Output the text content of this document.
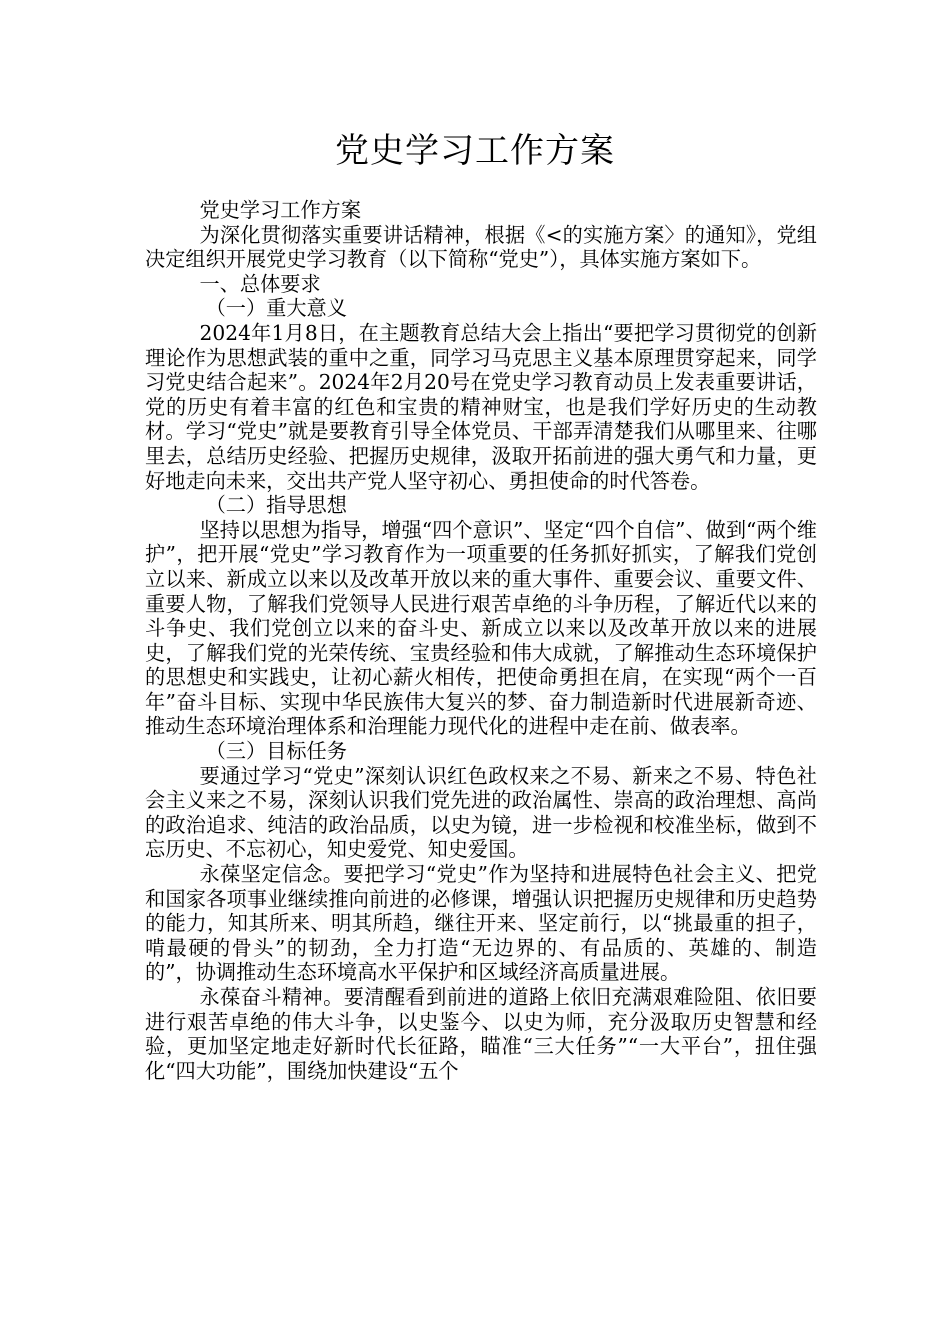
党史学习工作方案

党史学习工作方案

为深化贯彻落实重要讲话精神，根据《<的实施方案〉的通知》，党组决定组织开展党史学习教育（以下简称“党史”），具体实施方案如下。

一、总体要求

（一）重大意义

2024年1月8日，在主题教育总结大会上指出“要把学习贯彻党的创新理论作为思想武装的重中之重，同学习马克思主义基本原理贯穿起来，同学习党史结合起来”。2024年2月20号在党史学习教育动员上发表重要讲话，党的历史有着丰富的红色和宝贵的精神财宝，也是我们学好历史的生动教材。学习“党史”就是要教育引导全体党员、干部弄清楚我们从哪里来、往哪里去，总结历史经验、把握历史规律，汲取开拓前进的强大勇气和力量，更好地走向未来，交出共产党人坚守初心、勇担使命的时代答卷。

（二）指导思想

坚持以思想为指导，增强“四个意识”、坚定“四个自信”、做到“两个维护”，把开展“党史”学习教育作为一项重要的任务抓好抓实，了解我们党创立以来、新成立以来以及改革开放以来的重大事件、重要会议、重要文件、重要人物，了解我们党领导人民进行艰苦卓绝的斗争历程，了解近代以来的斗争史、我们党创立以来的奋斗史、新成立以来以及改革开放以来的进展史，了解我们党的光荣传统、宝贵经验和伟大成就，了解推动生态环境保护的思想史和实践史，让初心薪火相传，把使命勇担在肩，在实现“两个一百年”奋斗目标、实现中华民族伟大复兴的梦、奋力制造新时代进展新奇迹、推动生态环境治理体系和治理能力现代化的进程中走在前、做表率。

（三）目标任务

要通过学习“党史”深刻认识红色政权来之不易、新来之不易、特色社会主义来之不易，深刻认识我们党先进的政治属性、崇高的政治理想、高尚的政治追求、纯洁的政治品质，以史为镜，进一步检视和校准坐标，做到不忘历史、不忘初心，知史爱党、知史爱国。

永葆坚定信念。要把学习“党史”作为坚持和进展特色社会主义、把党和国家各项事业继续推向前进的必修课，增强认识把握历史规律和历史趋势的能力，知其所来、明其所趋，继往开来、坚定前行，以“挑最重的担子，啃最硬的骨头”的韧劲，全力打造“无边界的、有品质的、英雄的、制造的”，协调推动生态环境高水平保护和区域经济高质量进展。

永葆奋斗精神。要清醒看到前进的道路上依旧充满艰难险阻、依旧要进行艰苦卓绝的伟大斗争，以史鉴今、以史为师，充分汲取历史智慧和经验，更加坚定地走好新时代长征路，瞄准“三大任务”“一大平台”，扭住强化“四大功能”，围绕加快建设“五个
